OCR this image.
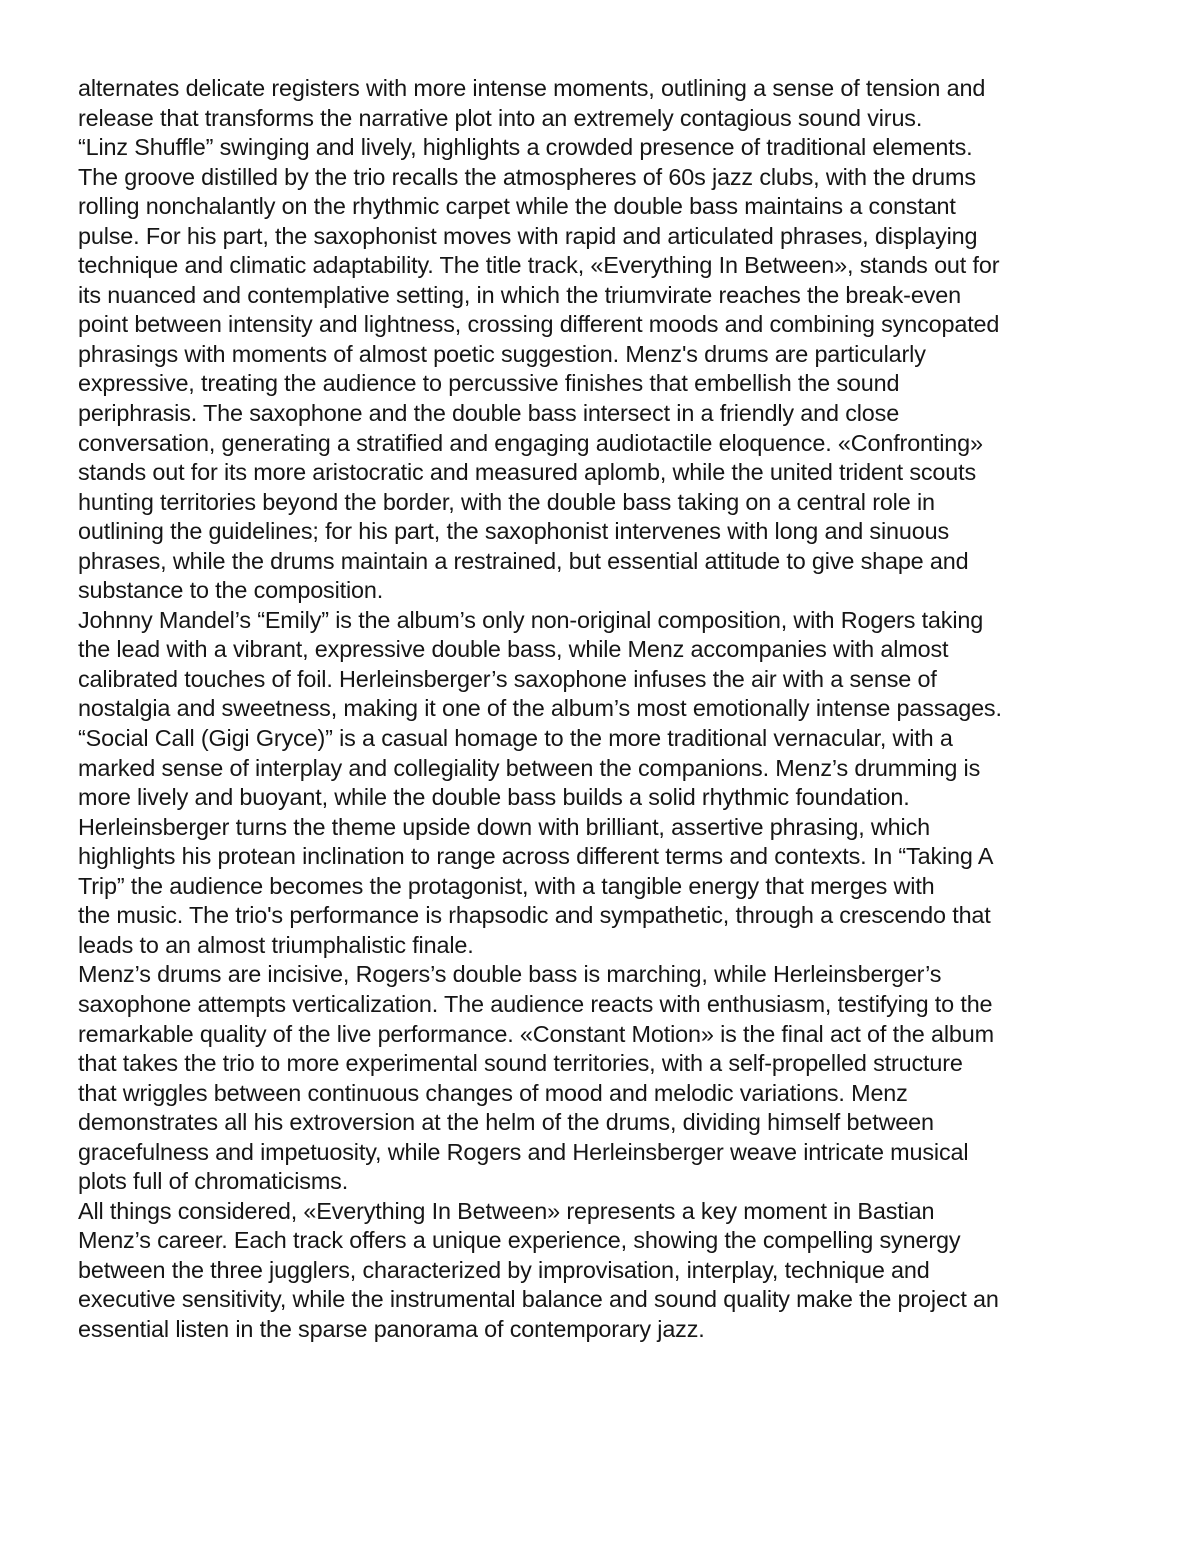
alternates delicate registers with more intense moments, outlining a sense of tension and
release that transforms the narrative plot into an extremely contagious sound virus.
“Linz Shuffle” swinging and lively, highlights a crowded presence of traditional elements.
The groove distilled by the trio recalls the atmospheres of 60s jazz clubs, with the drums
rolling nonchalantly on the rhythmic carpet while the double bass maintains a constant
pulse. For his part, the saxophonist moves with rapid and articulated phrases, displaying
technique and climatic adaptability. The title track, «Everything In Between», stands out for
its nuanced and contemplative setting, in which the triumvirate reaches the break-even
point between intensity and lightness, crossing different moods and combining syncopated
phrasings with moments of almost poetic suggestion. Menz's drums are particularly
expressive, treating the audience to percussive finishes that embellish the sound
periphrasis. The saxophone and the double bass intersect in a friendly and close
conversation, generating a stratified and engaging audiotactile eloquence. «Confronting»
stands out for its more aristocratic and measured aplomb, while the united trident scouts
hunting territories beyond the border, with the double bass taking on a central role in
outlining the guidelines; for his part, the saxophonist intervenes with long and sinuous
phrases, while the drums maintain a restrained, but essential attitude to give shape and
substance to the composition.
Johnny Mandel’s “Emily” is the album’s only non-original composition, with Rogers taking
the lead with a vibrant, expressive double bass, while Menz accompanies with almost
calibrated touches of foil. Herleinsberger’s saxophone infuses the air with a sense of
nostalgia and sweetness, making it one of the album’s most emotionally intense passages.
“Social Call (Gigi Gryce)” is a casual homage to the more traditional vernacular, with a
marked sense of interplay and collegiality between the companions. Menz’s drumming is
more lively and buoyant, while the double bass builds a solid rhythmic foundation.
Herleinsberger turns the theme upside down with brilliant, assertive phrasing, which
highlights his protean inclination to range across different terms and contexts. In “Taking A
Trip” the audience becomes the protagonist, with a tangible energy that merges with
the music. The trio's performance is rhapsodic and sympathetic, through a crescendo that
leads to an almost triumphalistic finale.
Menz’s drums are incisive, Rogers’s double bass is marching, while Herleinsberger’s
saxophone attempts verticalization. The audience reacts with enthusiasm, testifying to the
remarkable quality of the live performance. «Constant Motion» is the final act of the album
that takes the trio to more experimental sound territories, with a self-propelled structure
that wriggles between continuous changes of mood and melodic variations. Menz
demonstrates all his extroversion at the helm of the drums, dividing himself between
gracefulness and impetuosity, while Rogers and Herleinsberger weave intricate musical
plots full of chromaticisms.
All things considered, «Everything In Between» represents a key moment in Bastian
Menz’s career. Each track offers a unique experience, showing the compelling synergy
between the three jugglers, characterized by improvisation, interplay, technique and
executive sensitivity, while the instrumental balance and sound quality make the project an
essential listen in the sparse panorama of contemporary jazz.
